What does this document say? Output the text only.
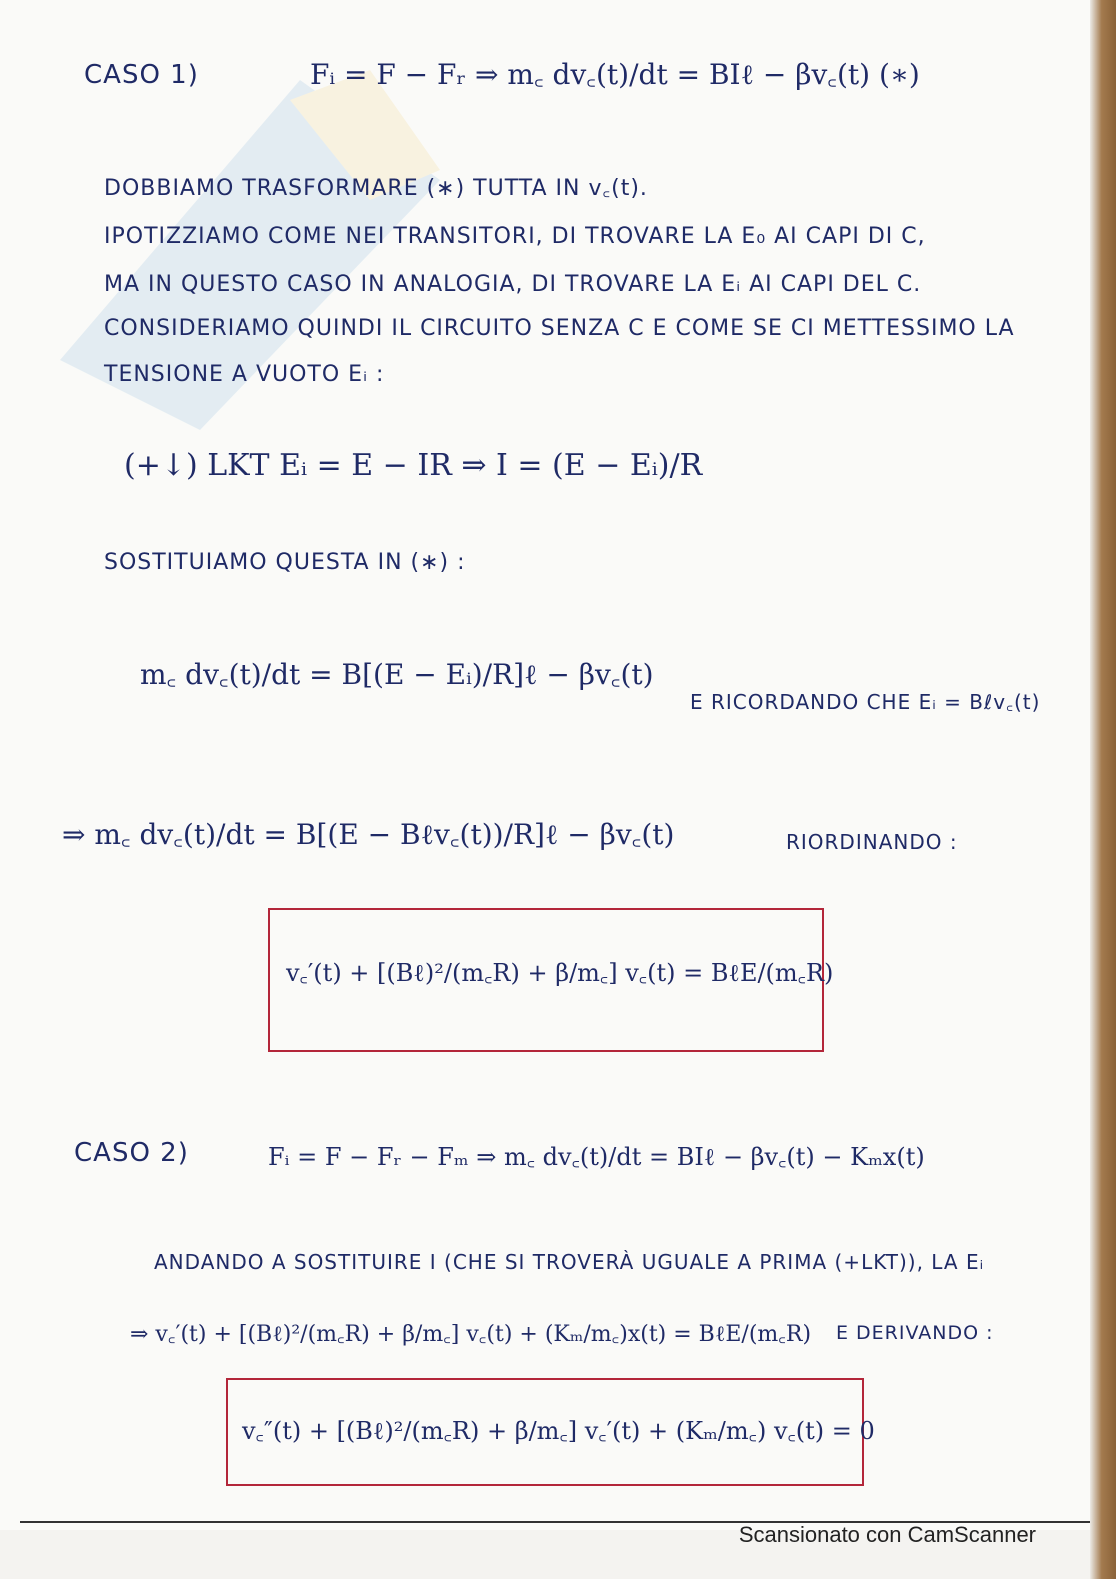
CASO 1)	Fᵢ = F − Fᵣ ⇒ m꜀ dv꜀(t)/dt = BIℓ − βv꜀(t) (∗)
DOBBIAMO TRASFORMARE (∗) TUTTA IN v꜀(t).
IPOTIZZIAMO COME NEI TRANSITORI, DI TROVARE LA E₀ AI CAPI DI C,
MA IN QUESTO CASO IN ANALOGIA, DI TROVARE LA Eᵢ AI CAPI DEL C.
CONSIDERIAMO QUINDI IL CIRCUITO SENZA C E COME SE CI METTESSIMO LA
TENSIONE A VUOTO Eᵢ :
(+↓) LKT Eᵢ = E − IR ⇒ I = (E − Eᵢ)/R
SOSTITUIAMO QUESTA IN (∗) :
m꜀ dv꜀(t)/dt = B[(E − Eᵢ)/R]ℓ − βv꜀(t)
E RICORDANDO CHE Eᵢ = Bℓv꜀(t)
⇒ m꜀ dv꜀(t)/dt = B[(E − Bℓv꜀(t))/R]ℓ − βv꜀(t)	RIORDINANDO :
v꜀′(t) + [(Bℓ)²/(m꜀R) + β/m꜀] v꜀(t) = BℓE/(m꜀R)
CASO 2)	Fᵢ = F − Fᵣ − Fₘ ⇒ m꜀ dv꜀(t)/dt = BIℓ − βv꜀(t) − Kₘx(t)
ANDANDO A SOSTITUIRE I (CHE SI TROVERÀ UGUALE A PRIMA (+LKT)), LA Eᵢ
⇒ v꜀′(t) + [(Bℓ)²/(m꜀R) + β/m꜀] v꜀(t) + (Kₘ/m꜀)x(t) = BℓE/(m꜀R) E DERIVANDO :
v꜀″(t) + [(Bℓ)²/(m꜀R) + β/m꜀] v꜀′(t) + (Kₘ/m꜀) v꜀(t) = 0
Scansionato con CamScanner
